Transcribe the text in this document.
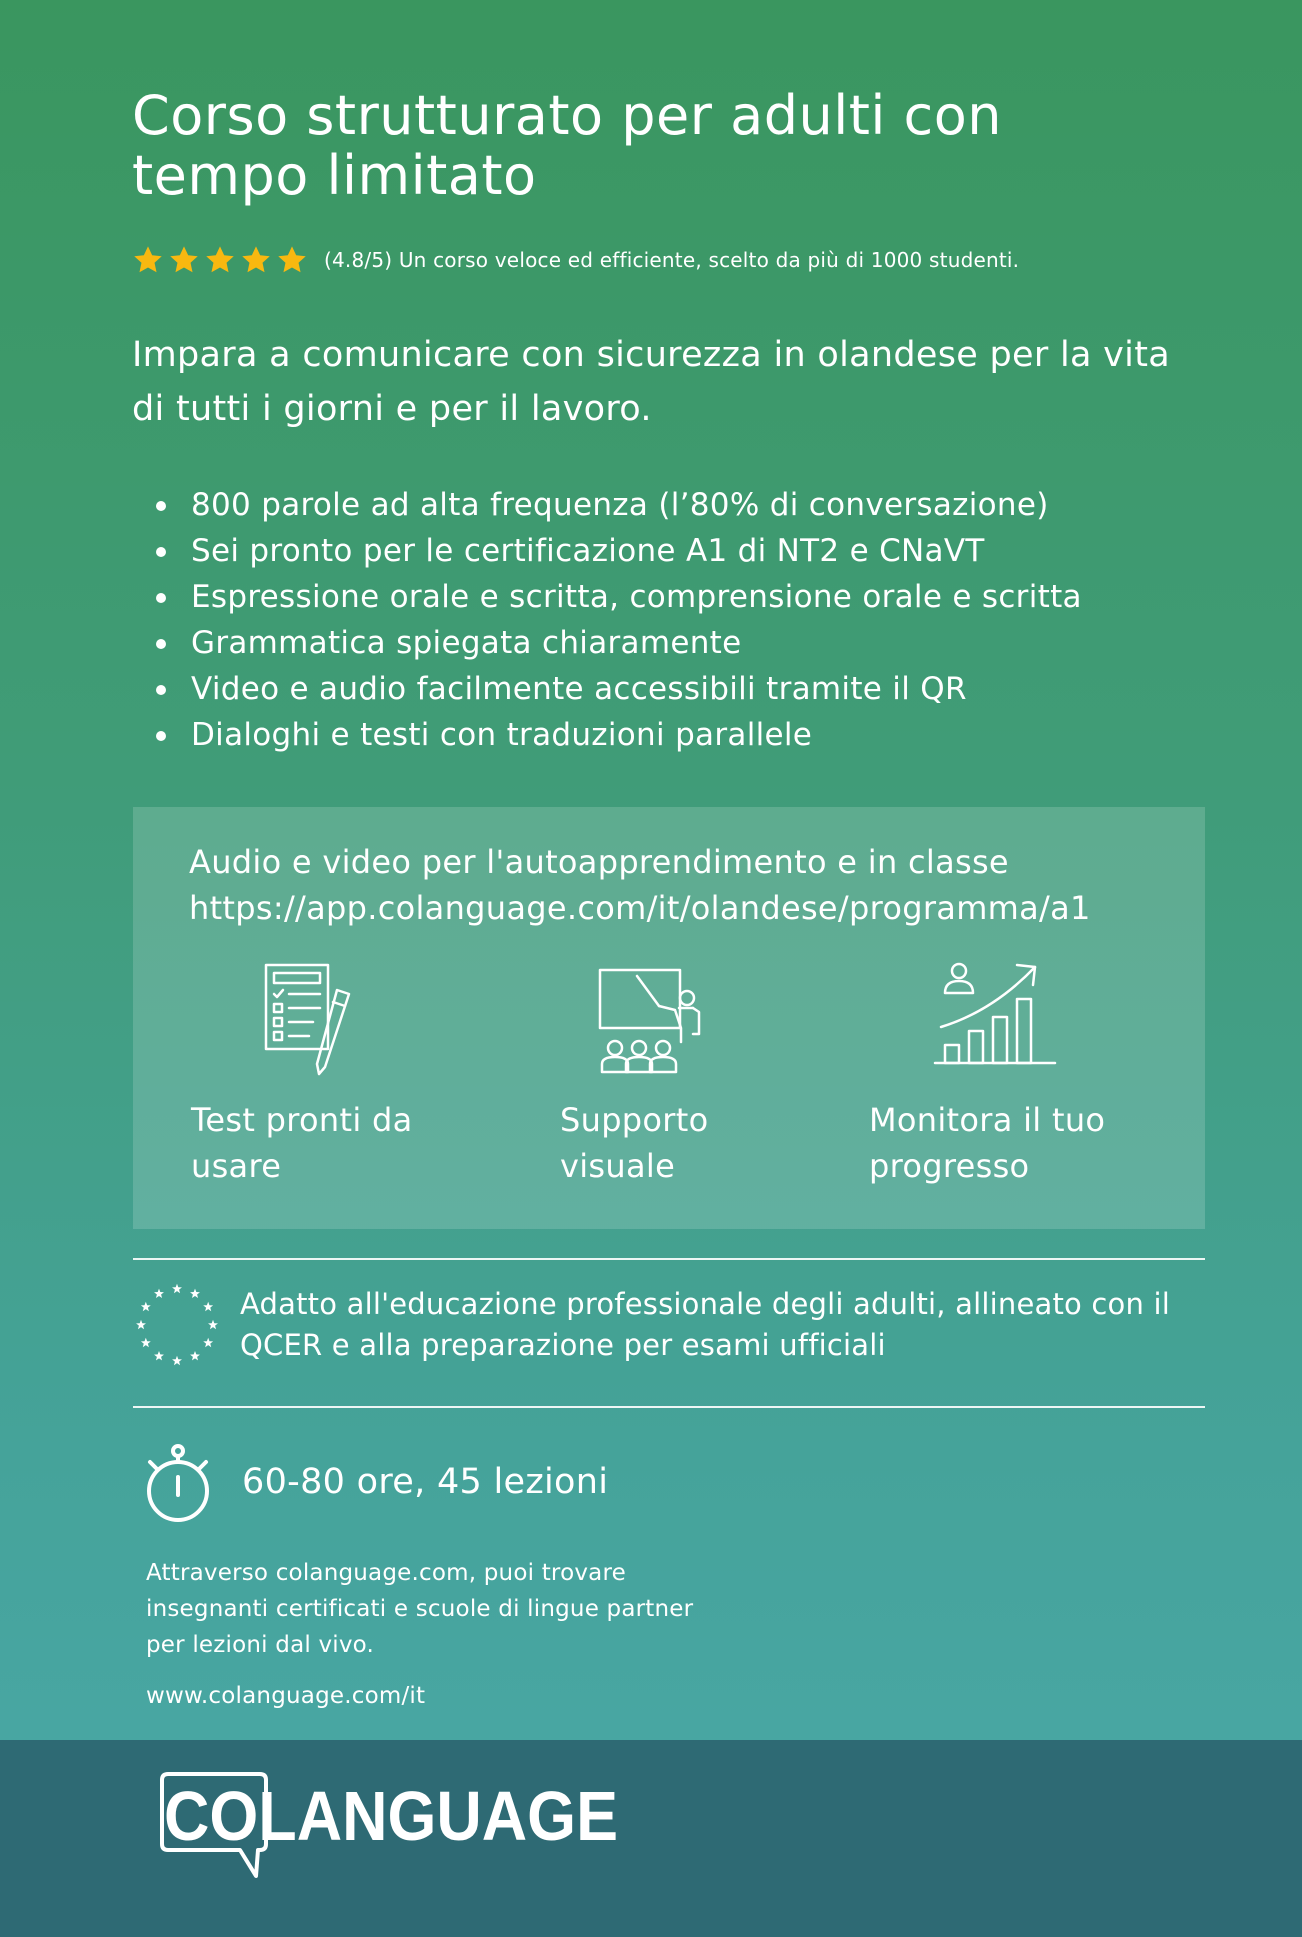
Corso strutturato per adulti con tempo limitato
(4.8/5) Un corso veloce ed efficiente, scelto da più di 1000 studenti.

Impara a comunicare con sicurezza in olandese per la vita di tutti i giorni e per il lavoro.

800 parole ad alta frequenza (l’80% di conversazione)
Sei pronto per le certificazione A1 di NT2 e CNaVT
Espressione orale e scritta, comprensione orale e scritta
Grammatica spiegata chiaramente
Video e audio facilmente accessibili tramite il QR
Dialoghi e testi con traduzioni parallele
Audio e video per l'autoapprendimento e in classe
https://app.colanguage.com/it/olandese/programma/a1
Test pronti da usare
Supporto visuale
Monitora il tuo progresso
Adatto all'educazione professionale degli adulti, allineato con il QCER e alla preparazione per esami ufficiali
60-80 ore, 45 lezioni

Attraverso colanguage.com, puoi trovare insegnanti certificati e scuole di lingue partner per lezioni dal vivo.

www.colanguage.com/it
COLANGUAGE
